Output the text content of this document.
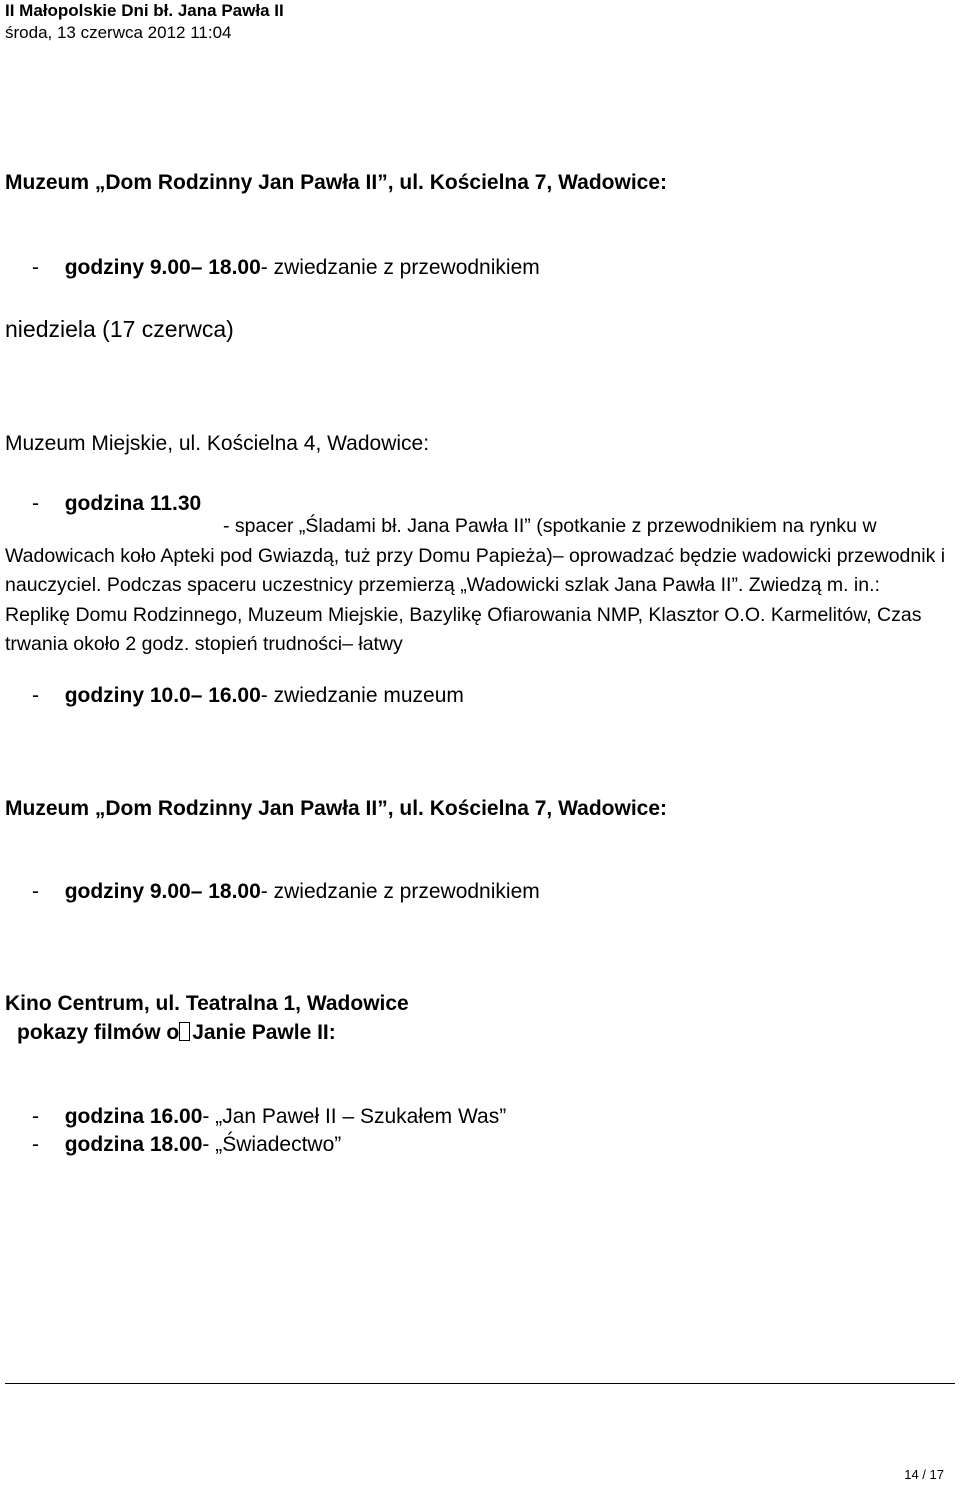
II Małopolskie Dni bł. Jana Pawła II
środa, 13 czerwca 2012 11:04
Muzeum „Dom Rodzinny Jan Pawła II”, ul. Kościelna 7, Wadowice:
- godziny 9.00– 18.00- zwiedzanie z przewodnikiem
niedziela (17 czerwca)
Muzeum Miejskie, ul. Kościelna 4, Wadowice:
- godzina 11.30
- spacer „Śladami bł. Jana Pawła II” (spotkanie z przewodnikiem na rynku w Wadowicach koło Apteki pod Gwiazdą, tuż przy Domu Papieża)– oprowadzać będzie wadowicki przewodnik i nauczyciel. Podczas spaceru uczestnicy przemierzą „Wadowicki szlak Jana Pawła II”. Zwiedzą m. in.: Replikę Domu Rodzinnego, Muzeum Miejskie, Bazylikę Ofiarowania NMP, Klasztor O.O. Karmelitów, Czas trwania około 2 godz. stopień trudności– łatwy
- godziny 10.0– 16.00- zwiedzanie muzeum
Muzeum „Dom Rodzinny Jan Pawła II”, ul. Kościelna 7, Wadowice:
- godziny 9.00– 18.00- zwiedzanie z przewodnikiem
Kino Centrum, ul. Teatralna 1, Wadowice
pokazy filmów o Janie Pawle II:
- godzina 16.00- „Jan Paweł II – Szukałem Was”
- godzina 18.00- „Świadectwo”
14 / 17
